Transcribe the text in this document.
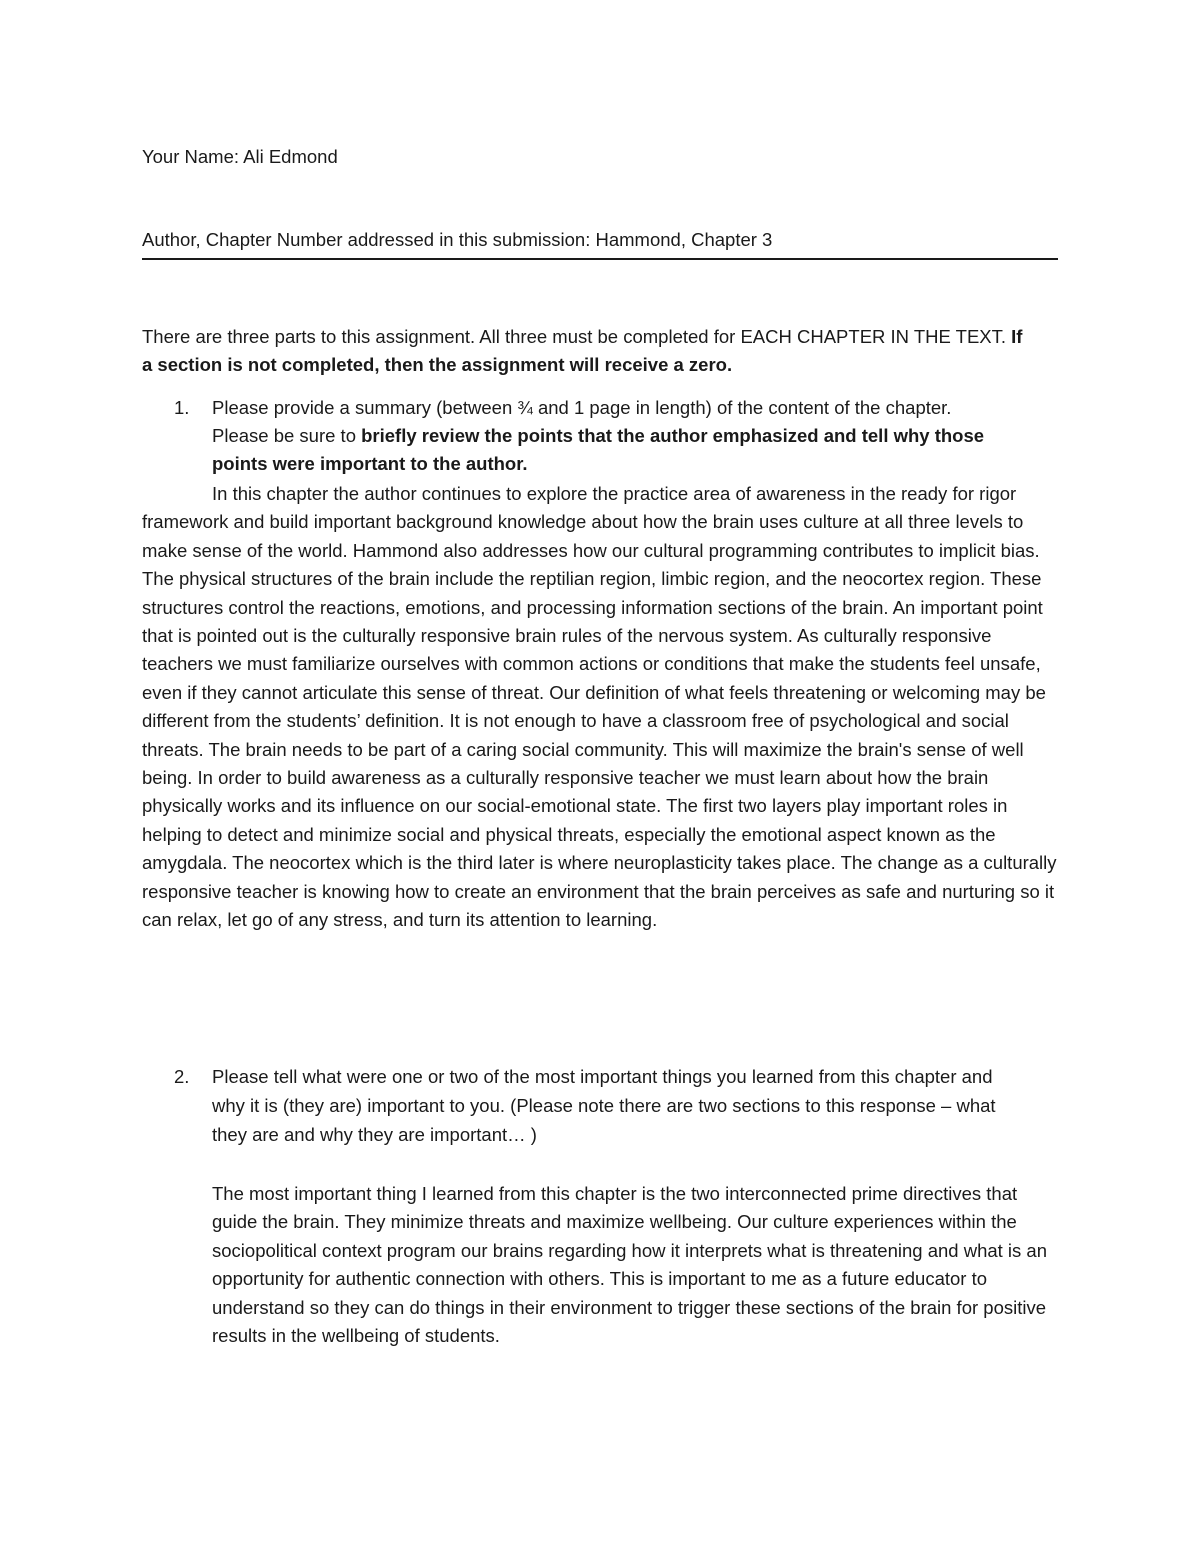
Your Name: Ali Edmond
Author, Chapter Number addressed in this submission: Hammond, Chapter 3
There are three parts to this assignment. All three must be completed for EACH CHAPTER IN THE TEXT. If
a section is not completed, then the assignment will receive a zero.
1. Please provide a summary (between ¾ and 1 page in length) of the content of the chapter.
Please be sure to briefly review the points that the author emphasized and tell why those
points were important to the author.
In this chapter the author continues to explore the practice area of awareness in the ready for rigor framework and build important background knowledge about how the brain uses culture at all three levels to make sense of the world. Hammond also addresses how our cultural programming contributes to implicit bias. The physical structures of the brain include the reptilian region, limbic region, and the neocortex region. These structures control the reactions, emotions, and processing information sections of the brain. An important point that is pointed out is the culturally responsive brain rules of the nervous system. As culturally responsive teachers we must familiarize ourselves with common actions or conditions that make the students feel unsafe, even if they cannot articulate this sense of threat. Our definition of what feels threatening or welcoming may be different from the students’ definition. It is not enough to have a classroom free of psychological and social threats. The brain needs to be part of a caring social community. This will maximize the brain's sense of well being. In order to build awareness as a culturally responsive teacher we must learn about how the brain physically works and its influence on our social-emotional state. The first two layers play important roles in helping to detect and minimize social and physical threats, especially the emotional aspect known as the amygdala. The neocortex which is the third later is where neuroplasticity takes place. The change as a culturally responsive teacher is knowing how to create an environment that the brain perceives as safe and nurturing so it can relax, let go of any stress, and turn its attention to learning.
2. Please tell what were one or two of the most important things you learned from this chapter and
why it is (they are) important to you. (Please note there are two sections to this response – what
they are and why they are important… )
The most important thing I learned from this chapter is the two interconnected prime directives that guide the brain. They minimize threats and maximize wellbeing. Our culture experiences within the sociopolitical context program our brains regarding how it interprets what is threatening and what is an opportunity for authentic connection with others. This is important to me as a future educator to understand so they can do things in their environment to trigger these sections of the brain for positive results in the wellbeing of students.
